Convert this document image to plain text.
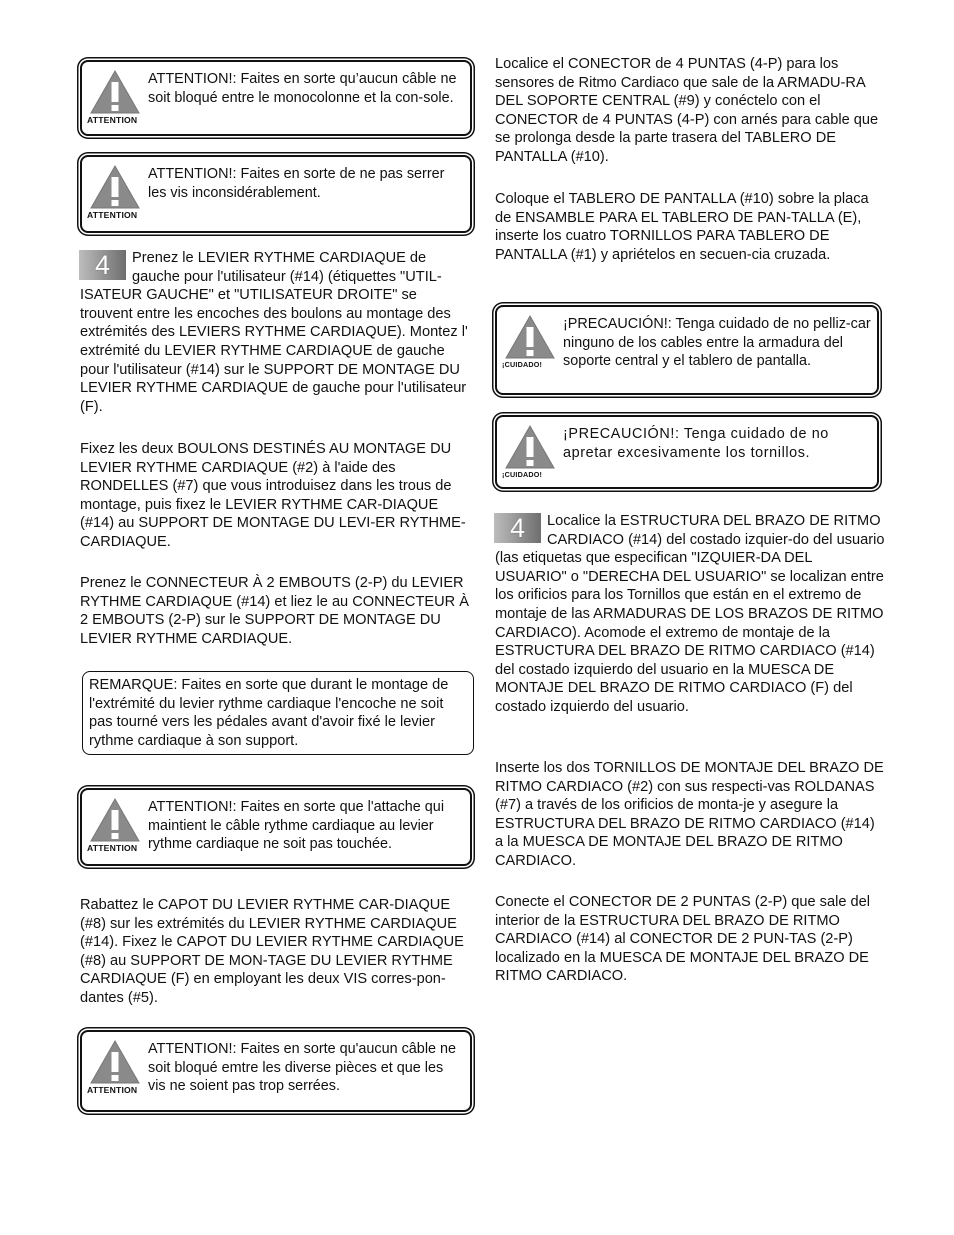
ATTENTION

ATTENTION!: Faites en sorte qu’aucun câble ne soit bloqué entre le monocolonne et la con-sole.

ATTENTION

ATTENTION!: Faites en sorte de ne pas serrer les vis inconsidérablement.

4	Prenez le LEVIER RYTHME CARDIAQUE de gauche pour l'utilisateur (#14) (étiquettes "UTIL-ISATEUR GAUCHE" et "UTILISATEUR DROITE" se trouvent entre les encoches des boulons au montage des extrémités des LEVIERS RYTHME CARDIAQUE). Montez l' extrémité du LEVIER RYTHME CARDIAQUE de gauche pour l'utilisateur (#14) sur le SUPPORT DE MONTAGE DU LEVIER RYTHME CARDIAQUE de gauche pour l'utilisateur (F).

Fixez les deux BOULONS DESTINÉS AU MONTAGE DU LEVIER RYTHME CARDIAQUE (#2) à l'aide des RONDELLES (#7) que vous introduisez dans les trous de montage, puis fixez le LEVIER RYTHME CAR-DIAQUE (#14) au SUPPORT DE MONTAGE DU LEVI-ER RYTHME-CARDIAQUE.

Prenez le CONNECTEUR À 2 EMBOUTS (2-P) du LEVIER RYTHME CARDIAQUE (#14) et liez le au CONNECTEUR À 2 EMBOUTS (2-P) sur le SUPPORT DE MONTAGE DU LEVIER RYTHME CARDIAQUE.

REMARQUE: Faites en sorte que durant le montage de l'extrémité du levier rythme cardiaque l'encoche ne soit pas tourné vers les pédales avant d'avoir fixé le levier rythme cardiaque à son support.
ATTENTION

ATTENTION!: Faites en sorte que l'attache qui maintient le câble rythme cardiaque au levier rythme cardiaque ne soit pas touchée.

Rabattez le CAPOT DU LEVIER RYTHME CAR-DIAQUE (#8) sur les extrémités du LEVIER RYTHME CARDIAQUE (#14). Fixez le CAPOT DU LEVIER RYTHME CARDIAQUE (#8) au SUPPORT DE MON-TAGE DU LEVIER RYTHME CARDIAQUE (F) en employant les deux VIS corres-pon-dantes (#5).

ATTENTION

ATTENTION!: Faites en sorte qu'aucun câble ne soit bloqué emtre les diverse pièces et que les vis ne soient pas trop serrées.

Localice el CONECTOR de 4 PUNTAS (4-P) para los sensores de Ritmo Cardiaco que sale de la ARMADU-RA DEL SOPORTE CENTRAL (#9) y conéctelo con el CONECTOR de 4 PUNTAS (4-P) con arnés para cable que se prolonga desde la parte trasera del TABLERO DE PANTALLA (#10).

Coloque el TABLERO DE PANTALLA (#10) sobre la placa de ENSAMBLE PARA EL TABLERO DE PAN-TALLA (E), inserte los cuatro TORNILLOS PARA TABLERO DE PANTALLA (#1) y apriételos en secuen-cia cruzada.

¡CUIDADO!

¡PRECAUCIÓN!: Tenga cuidado de no pelliz-car ninguno de los cables entre la armadura del soporte central y el tablero de pantalla.

¡CUIDADO!

¡PRECAUCIÓN!: Tenga cuidado de no apretar excesivamente los tornillos.

4	Localice la ESTRUCTURA DEL BRAZO DE RITMO CARDIACO (#14) del costado izquier-do del usuario (las etiquetas que especifican "IZQUIER-DA DEL USUARIO" o "DERECHA DEL USUARIO" se localizan entre los orificios para los Tornillos que están en el extremo de montaje de las ARMADURAS DE LOS BRAZOS DE RITMO CARDIACO). Acomode el extremo de montaje de la ESTRUCTURA DEL BRAZO DE RITMO CARDIACO (#14) del costado izquierdo del usuario en la MUESCA DE MONTAJE DEL BRAZO DE RITMO CARDIACO (F) del costado izquierdo del usuario.

Inserte los dos TORNILLOS DE MONTAJE DEL BRAZO DE RITMO CARDIACO (#2) con sus respecti-vas ROLDANAS (#7) a través de los orificios de monta-je y asegure la ESTRUCTURA DEL BRAZO DE RITMO CARDIACO (#14) a la MUESCA DE MONTAJE DEL BRAZO DE RITMO CARDIACO.

Conecte el CONECTOR DE 2 PUNTAS (2-P) que sale del interior de la ESTRUCTURA DEL BRAZO DE RITMO CARDIACO (#14) al CONECTOR DE 2 PUN-TAS (2-P) localizado en la MUESCA DE MONTAJE DEL BRAZO DE RITMO CARDIACO.
